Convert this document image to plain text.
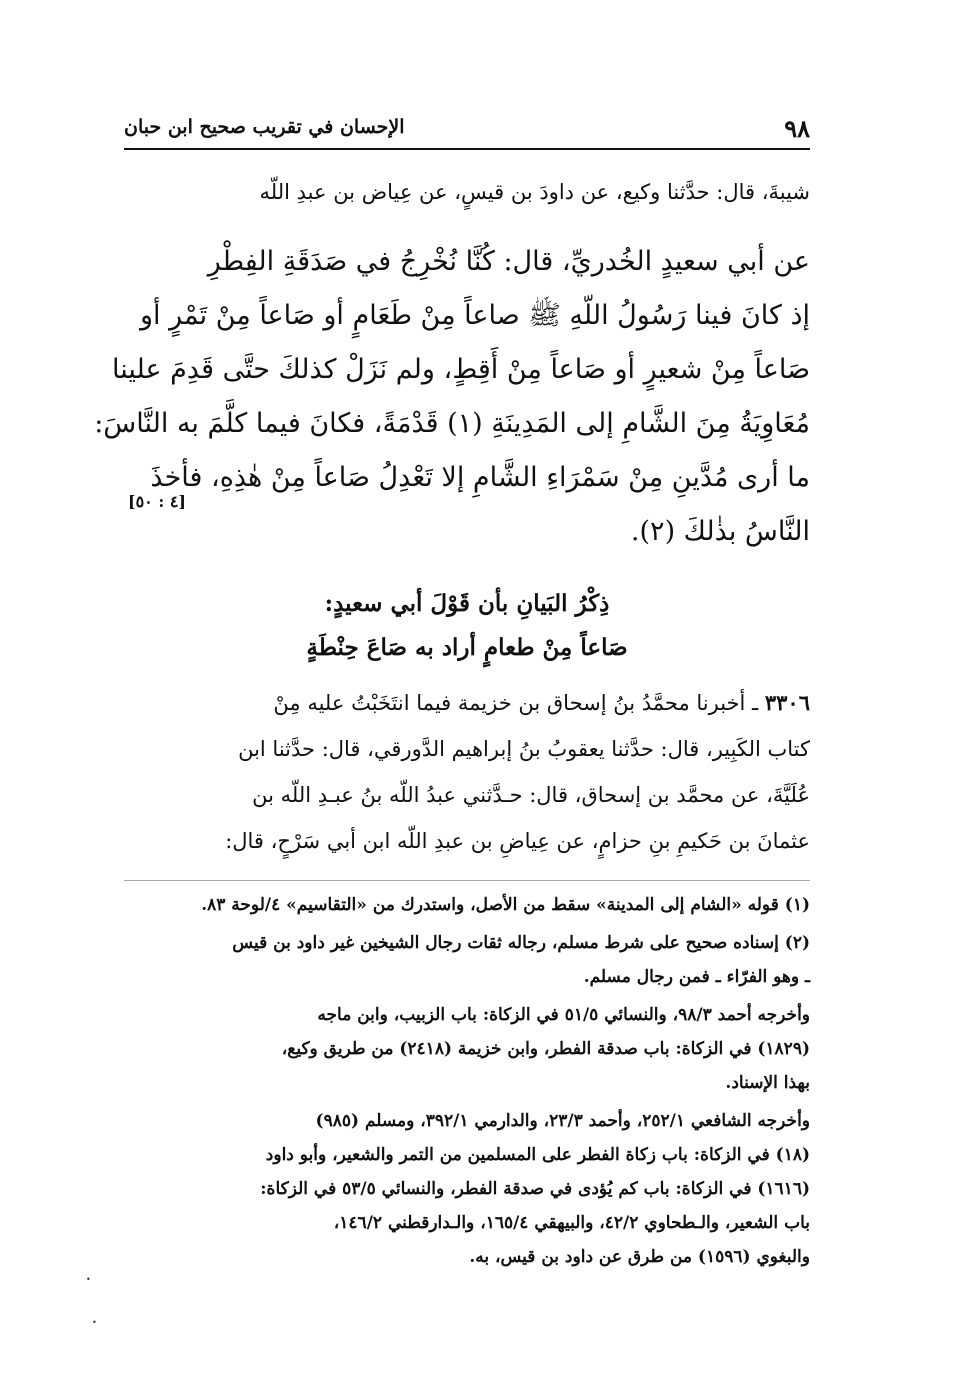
٩٨
الإحسان في تقريب صحيح ابن حبان
شيبةَ، قال: حدَّثنا وكيع، عن داودَ بن قيسٍ، عن عِياض بن عبدِ اللّه
عن أبي سعيدٍ الخُدريِّ، قال: كُنَّا نُخْرِجُ في صَدَقَةِ الفِطْرِ
إذ كانَ فينا رَسُولُ اللّهِ ﷺ صاعاً مِنْ طَعَامٍ أو صَاعاً مِنْ تَمْرٍ أو
صَاعاً مِنْ شعيرٍ أو صَاعاً مِنْ أَقِطٍ، ولم نَزَلْ كذلكَ حتَّى قَدِمَ علينا
مُعَاوِيَةُ مِنَ الشَّامِ إلى المَدِينَةِ (١) قَدْمَةً، فكانَ فيما كلَّمَ به النَّاسَ:
ما أرى مُدَّينِ مِنْ سَمْرَاءِ الشَّامِ إلا تَعْدِلُ صَاعاً مِنْ هٰذِهِ، فأخذَ
النَّاسُ بذٰلكَ (٢).
[٤ : ٥٠]
ذِكْرُ البَيانِ بأن قَوْلَ أبي سعيدٍ:
صَاعاً مِنْ طعامٍ أراد به صَاعَ حِنْطَةٍ
٣٣٠٦ ـ أخبرنا محمَّدُ بنُ إسحاق بن خزيمة فيما انتَخَبْتُ عليه مِنْ
كتاب الكَبِير، قال: حدَّثنا يعقوبُ بنُ إبراهيم الدَّورقي، قال: حدَّثنا ابن
عُلَيَّةَ، عن محمَّد بن إسحاق، قال: حـدَّثني عبدُ اللّه بنُ عبـدِ اللّه بن
عثمانَ بن حَكيمِ بنِ حزامٍ، عن عِياضِ بن عبدِ اللّه ابن أبي سَرْحٍ، قال:
(١) قوله «الشام إلى المدينة» سقط من الأصل، واستدرك من «التقاسيم» ٤/لوحة ٨٣.
(٢) إسناده صحيح على شرط مسلم، رجاله ثقات رجال الشيخين غير داود بن قيس
ـ وهو الفرّاء ـ فمن رجال مسلم.
وأخرجه أحمد ٩٨/٣، والنسائي ٥١/٥ في الزكاة: باب الزبيب، وابن ماجه
(١٨٢٩) في الزكاة: باب صدقة الفطر، وابن خزيمة (٢٤١٨) من طريق وكيع،
بهذا الإسناد.
وأخرجه الشافعي ٢٥٢/١، وأحمد ٢٣/٣، والدارمي ٣٩٢/١، ومسلم (٩٨٥)
(١٨) في الزكاة: باب زكاة الفطر على المسلمين من التمر والشعير، وأبو داود
(١٦١٦) في الزكاة: باب كم يُؤدى في صدقة الفطر، والنسائي ٥٣/٥ في الزكاة:
باب الشعير، والـطحاوي ٤٢/٢، والبيهقي ١٦٥/٤، والـدارقطني ١٤٦/٢،
والبغوي (١٥٩٦) من طرق عن داود بن قيس، به.
•
•
